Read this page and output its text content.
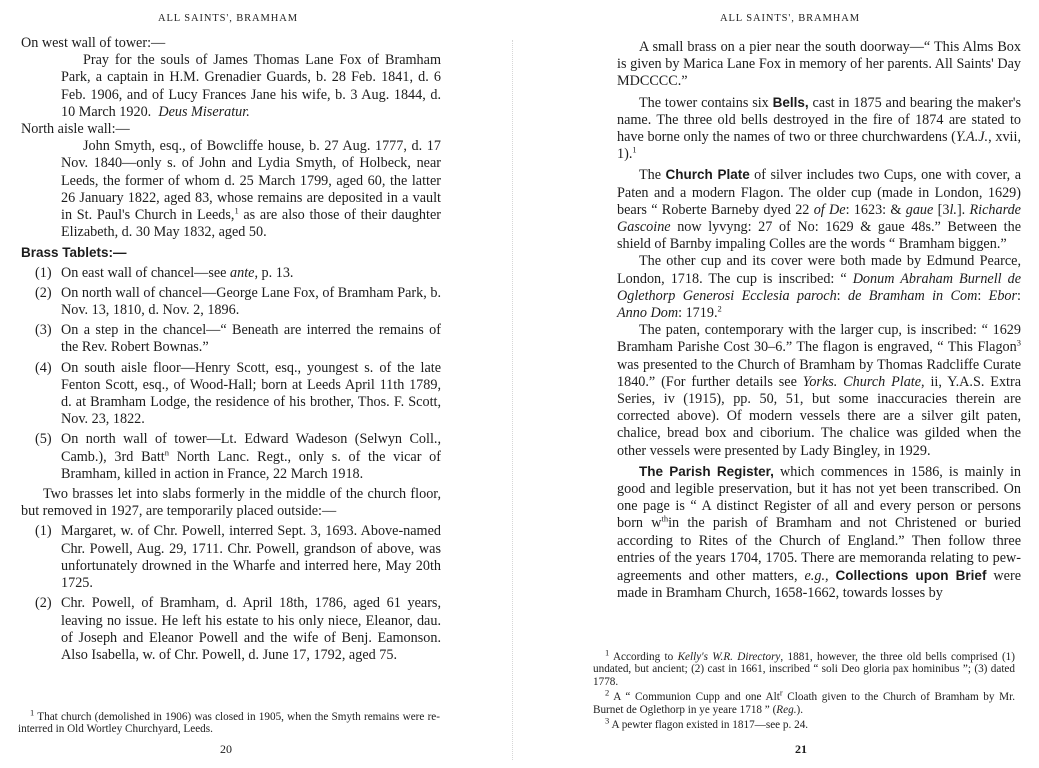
ALL SAINTS', BRAMHAM

On west wall of tower:—

Pray for the souls of James Thomas Lane Fox of Bramham Park, a captain in H.M. Grenadier Guards, b. 28 Feb. 1841, d. 6 Feb. 1906, and of Lucy Frances Jane his wife, b. 3 Aug. 1844, d. 10 March 1920. Deus Miseratur.

North aisle wall:—

John Smyth, esq., of Bowcliffe house, b. 27 Aug. 1777, d. 17 Nov. 1840—only s. of John and Lydia Smyth, of Holbeck, near Leeds, the former of whom d. 25 March 1799, aged 60, the latter 26 January 1822, aged 83, whose remains are deposited in a vault in St. Paul's Church in Leeds,$^1$ as are also those of their daughter Elizabeth, d. 30 May 1832, aged 50.

Brass Tablets:—

(1) On east wall of chancel—see ante, p. 13.
(2) On north wall of chancel—George Lane Fox, of Bramham Park, b. Nov. 13, 1810, d. Nov. 2, 1896.
(3) On a step in the chancel—“ Beneath are interred the remains of the Rev. Robert Bownas.”
(4) On south aisle floor—Henry Scott, esq., youngest s. of the late Fenton Scott, esq., of Wood-Hall; born at Leeds April 11th 1789, d. at Bramham Lodge, the residence of his brother, Thos. F. Scott, Nov. 23, 1822.
(5) On north wall of tower—Lt. Edward Wadeson (Selwyn Coll., Camb.), 3rd Batt$^n$ North Lanc. Regt., only s. of the vicar of Bramham, killed in action in France, 22 March 1918.

Two brasses let into slabs formerly in the middle of the church floor, but removed in 1927, are temporarily placed outside:—

(1) Margaret, w. of Chr. Powell, interred Sept. 3, 1693. Above-named Chr. Powell, Aug. 29, 1711. Chr. Powell, grandson of above, was unfortunately drowned in the Wharfe and interred here, May 20th 1725.
(2) Chr. Powell, of Bramham, d. April 18th, 1786, aged 61 years, leaving no issue. He left his estate to his only niece, Eleanor, dau. of Joseph and Eleanor Powell and the wife of Benj. Eamonson. Also Isabella, w. of Chr. Powell, d. June 17, 1792, aged 75.

$^1$ That church (demolished in 1906) was closed in 1905, when the Smyth remains were re-interred in Old Wortley Churchyard, Leeds.

20
ALL SAINTS', BRAMHAM

A small brass on a pier near the south doorway—“ This Alms Box is given by Marica Lane Fox in memory of her parents. All Saints' Day MDCCCC.”

The tower contains six Bells, cast in 1875 and bearing the maker's name. The three old bells destroyed in the fire of 1874 are stated to have borne only the names of two or three churchwardens (Y.A.J., xvii, 1).$^1$

The Church Plate of silver includes two Cups, one with cover, a Paten and a modern Flagon. The older cup (made in London, 1629) bears “ Roberte Barneby dyed 22 of De: 1623: & gaue [3l.]. Richarde Gascoine now lyvyng: 27 of No: 1629 & gaue 48s.” Between the shield of Barnby impaling Colles are the words “ Bramham biggen.”

The other cup and its cover were both made by Edmund Pearce, London, 1718. The cup is inscribed: “ Donum Abraham Burnell de Oglethorp Generosi Ecclesia paroch: de Bramham in Com: Ebor: Anno Dom: 1719.$^2$

The paten, contemporary with the larger cup, is inscribed: “ 1629 Bramham Parishe Cost 30–6.” The flagon is engraved, “ This Flagon$^3$ was presented to the Church of Bramham by Thomas Radcliffe Curate 1840.” (For further details see Yorks. Church Plate, ii, Y.A.S. Extra Series, iv (1915), pp. 50, 51, but some inaccuracies therein are corrected above). Of modern vessels there are a silver gilt paten, chalice, bread box and ciborium. The chalice was gilded when the other vessels were presented by Lady Bingley, in 1929.

The Parish Register, which commences in 1586, is mainly in good and legible preservation, but it has not yet been transcribed. On one page is “ A distinct Register of all and every person or persons born $w^{th}in$ the parish of Bramham and not Christened or buried according to Rites of the Church of England.” Then follow three entries of the years 1704, 1705. There are memoranda relating to pew-agreements and other matters, e.g., Collections upon Brief were made in Bramham Church, 1658-1662, towards losses by

$^1$ According to Kelly's W.R. Directory, 1881, however, the three old bells comprised (1) undated, but ancient; (2) cast in 1661, inscribed “ soli Deo gloria pax hominibus ”; (3) dated 1778.

$^2$ A “ Communion Cupp and one Alt$^r$ Cloath given to the Church of Bramham by Mr. Burnet de Oglethorp in ye yeare 1718 ” (Reg.).

$^3$ A pewter flagon existed in 1817—see p. 24.

21
